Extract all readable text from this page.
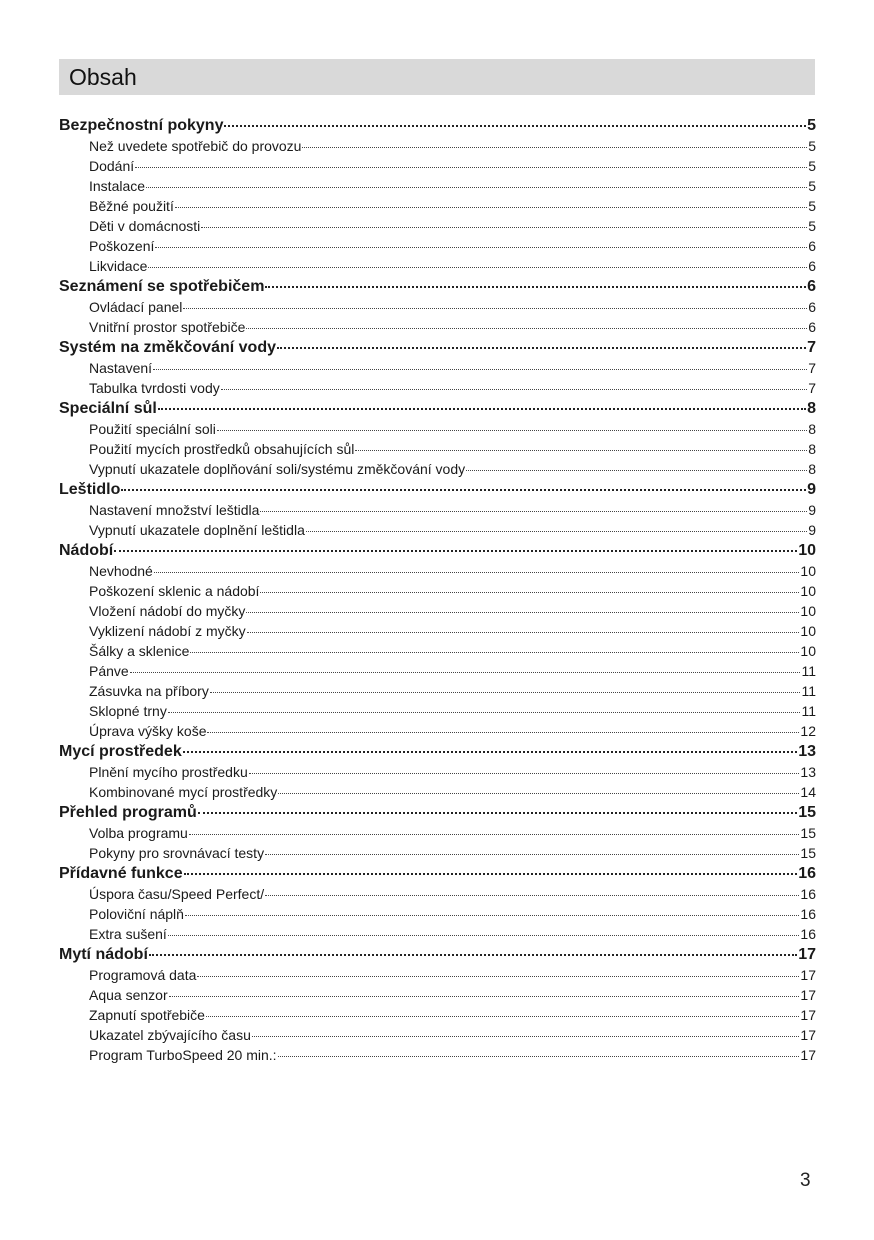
Obsah
Bezpečnostní pokyny	5
Než uvedete spotřebič do provozu	5
Dodání	5
Instalace	5
Běžné použití	5
Děti v domácnosti	5
Poškození	6
Likvidace	6
Seznámení se spotřebičem	6
Ovládací panel	6
Vnitřní prostor spotřebiče	6
Systém na změkčování vody	7
Nastavení	7
Tabulka tvrdosti vody	7
Speciální sůl	8
Použití speciální soli	8
Použití mycích prostředků obsahujících sůl	8
Vypnutí ukazatele doplňování soli/systému změkčování vody	8
Leštidlo	9
Nastavení množství leštidla	9
Vypnutí ukazatele doplnění leštidla	9
Nádobí	10
Nevhodné	10
Poškození sklenic a nádobí	10
Vložení nádobí do myčky	10
Vyklizení nádobí z myčky	10
Šálky a sklenice	10
Pánve	11
Zásuvka na příbory	11
Sklopné trny	11
Úprava výšky koše	12
Mycí prostředek	13
Plnění mycího prostředku	13
Kombinované mycí prostředky	14
Přehled programů	15
Volba programu	15
Pokyny pro srovnávací testy	15
Přídavné funkce	16
Úspora času/Speed Perfect/	16
Poloviční náplň	16
Extra sušení	16
Mytí nádobí	17
Programová data	17
Aqua senzor	17
Zapnutí spotřebiče	17
Ukazatel zbývajícího času	17
Program TurboSpeed 20 min.:	17
3
